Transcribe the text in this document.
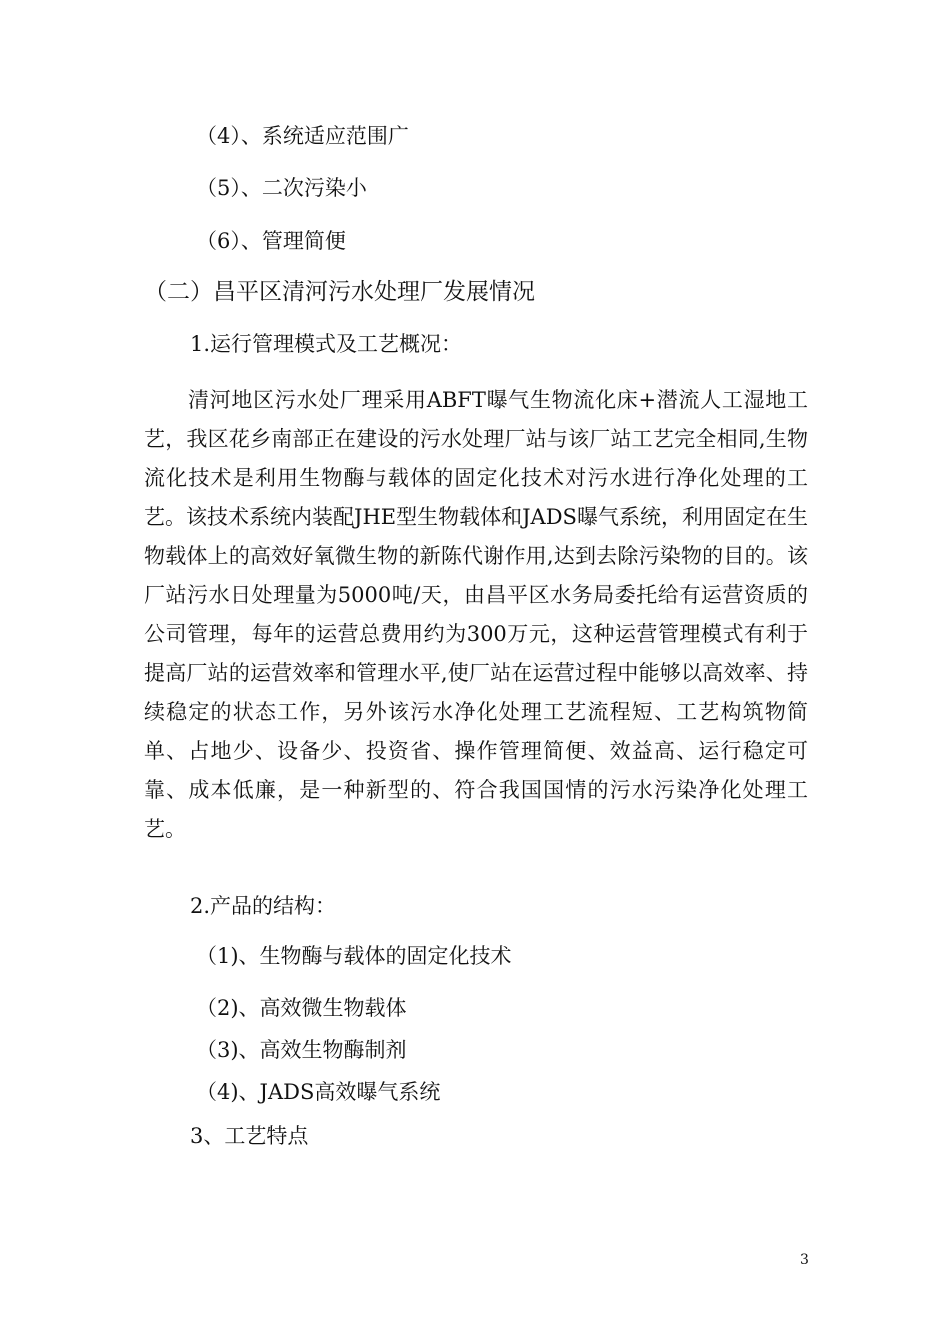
（4）、系统适应范围广
（5）、二次污染小
（6）、管理简便
（二）昌平区清河污水处理厂发展情况
1.运行管理模式及工艺概况：
清河地区污水处厂理采用ABFT曝气生物流化床+潜流人工湿地工艺，我区花乡南部正在建设的污水处理厂站与该厂站工艺完全相同,生物流化技术是利用生物酶与载体的固定化技术对污水进行净化处理的工艺。该技术系统内装配JHE型生物载体和JADS曝气系统，利用固定在生物载体上的高效好氧微生物的新陈代谢作用,达到去除污染物的目的。该厂站污水日处理量为5000吨/天，由昌平区水务局委托给有运营资质的公司管理，每年的运营总费用约为300万元，这种运营管理模式有利于提高厂站的运营效率和管理水平,使厂站在运营过程中能够以高效率、持续稳定的状态工作，另外该污水净化处理工艺流程短、工艺构筑物简单、占地少、设备少、投资省、操作管理简便、效益高、运行稳定可靠、成本低廉，是一种新型的、符合我国国情的污水污染净化处理工艺。
2.产品的结构：
（1)、生物酶与载体的固定化技术
（2)、高效微生物载体
（3)、高效生物酶制剂
（4)、JADS高效曝气系统
3、工艺特点
3
